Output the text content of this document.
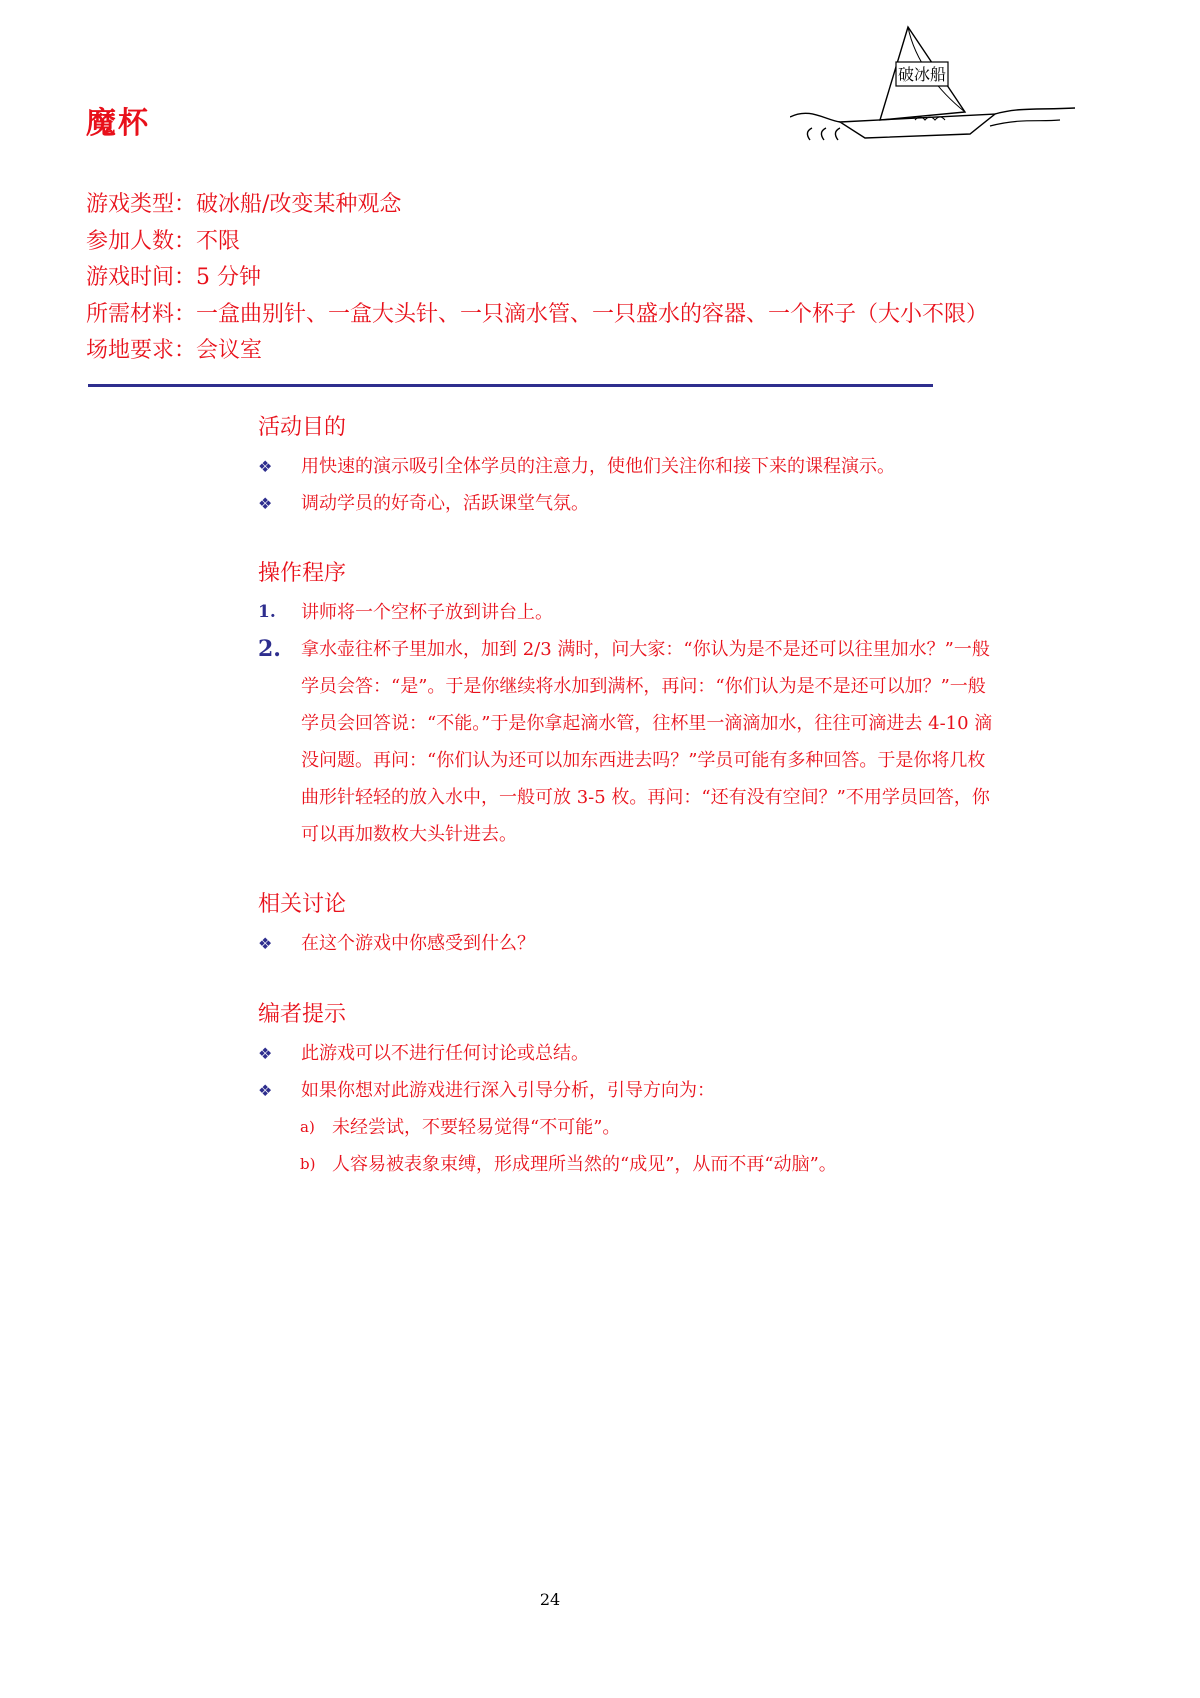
魔杯
破冰船
游戏类型：破冰船/改变某种观念
参加人数：不限
游戏时间：5 分钟
所需材料：一盒曲别针、一盒大头针、一只滴水管、一只盛水的容器、一个杯子（大小不限）
场地要求：会议室
活动目的
❖ 用快速的演示吸引全体学员的注意力，使他们关注你和接下来的课程演示。
❖ 调动学员的好奇心，活跃课堂气氛。
操作程序
1. 讲师将一个空杯子放到讲台上。
2. 拿水壶往杯子里加水，加到 2/3 满时，问大家：“你认为是不是还可以往里加水？”一般
学员会答：“是”。于是你继续将水加到满杯，再问：“你们认为是不是还可以加？”一般
学员会回答说：“不能。”于是你拿起滴水管，往杯里一滴滴加水，往往可滴进去 4-10 滴
没问题。再问：“你们认为还可以加东西进去吗？”学员可能有多种回答。于是你将几枚
曲形针轻轻的放入水中，一般可放 3-5 枚。再问：“还有没有空间？”不用学员回答，你
可以再加数枚大头针进去。
相关讨论
❖ 在这个游戏中你感受到什么？
编者提示
❖ 此游戏可以不进行任何讨论或总结。
❖ 如果你想对此游戏进行深入引导分析，引导方向为：
a) 未经尝试，不要轻易觉得“不可能”。
b) 人容易被表象束缚，形成理所当然的“成见”，从而不再“动脑”。
24
